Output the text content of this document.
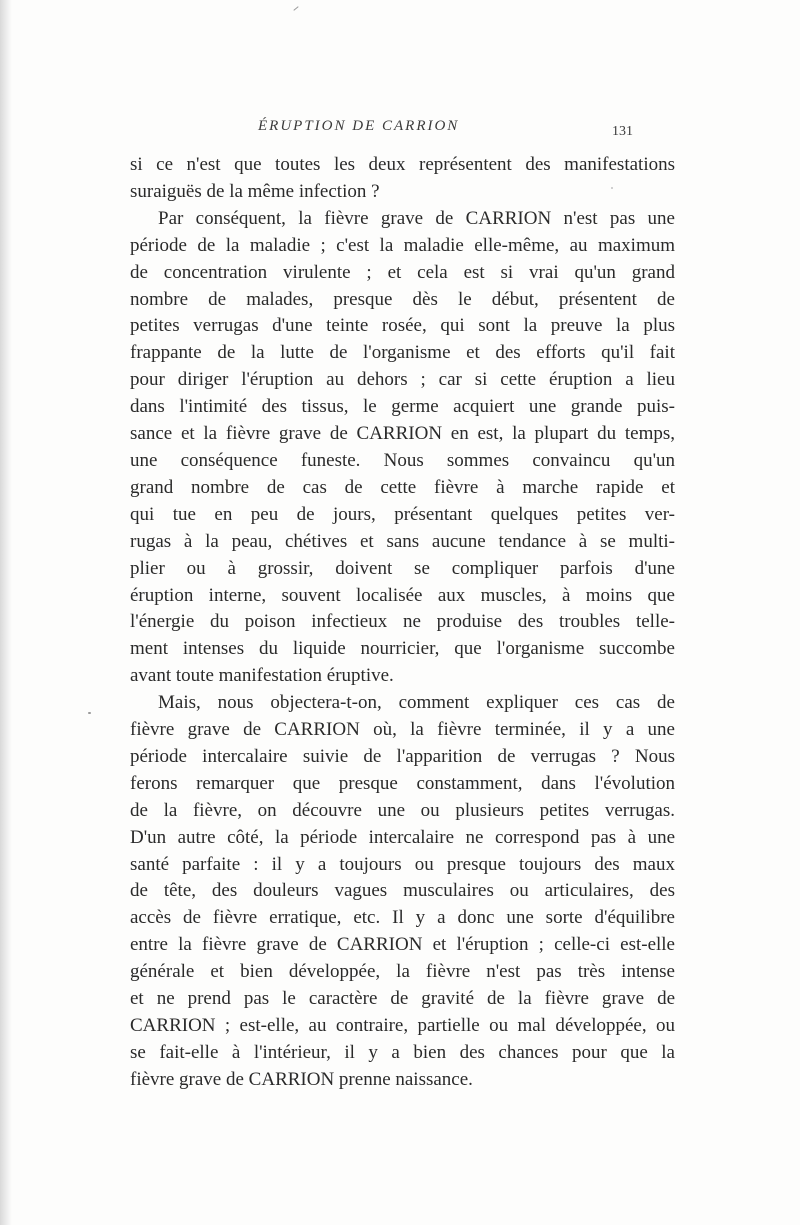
ÉRUPTION DE CARRION	131
si ce n'est que toutes les deux représentent des manifestations
suraiguës de la même infection ?
Par conséquent, la fièvre grave de CARRION n'est pas une
période de la maladie ; c'est la maladie elle-même, au maximum
de concentration virulente ; et cela est si vrai qu'un grand
nombre de malades, presque dès le début, présentent de
petites verrugas d'une teinte rosée, qui sont la preuve la plus
frappante de la lutte de l'organisme et des efforts qu'il fait
pour diriger l'éruption au dehors ; car si cette éruption a lieu
dans l'intimité des tissus, le germe acquiert une grande puis-
sance et la fièvre grave de CARRION en est, la plupart du temps,
une conséquence funeste. Nous sommes convaincu qu'un
grand nombre de cas de cette fièvre à marche rapide et
qui tue en peu de jours, présentant quelques petites ver-
rugas à la peau, chétives et sans aucune tendance à se multi-
plier ou à grossir, doivent se compliquer parfois d'une
éruption interne, souvent localisée aux muscles, à moins que
l'énergie du poison infectieux ne produise des troubles telle-
ment intenses du liquide nourricier, que l'organisme succombe
avant toute manifestation éruptive.
Mais, nous objectera-t-on, comment expliquer ces cas de
fièvre grave de CARRION où, la fièvre terminée, il y a une
période intercalaire suivie de l'apparition de verrugas ? Nous
ferons remarquer que presque constamment, dans l'évolution
de la fièvre, on découvre une ou plusieurs petites verrugas.
D'un autre côté, la période intercalaire ne correspond pas à une
santé parfaite : il y a toujours ou presque toujours des maux
de tête, des douleurs vagues musculaires ou articulaires, des
accès de fièvre erratique, etc. Il y a donc une sorte d'équilibre
entre la fièvre grave de CARRION et l'éruption ; celle-ci est-elle
générale et bien développée, la fièvre n'est pas très intense
et ne prend pas le caractère de gravité de la fièvre grave de
CARRION ; est-elle, au contraire, partielle ou mal développée, ou
se fait-elle à l'intérieur, il y a bien des chances pour que la
fièvre grave de CARRION prenne naissance.
